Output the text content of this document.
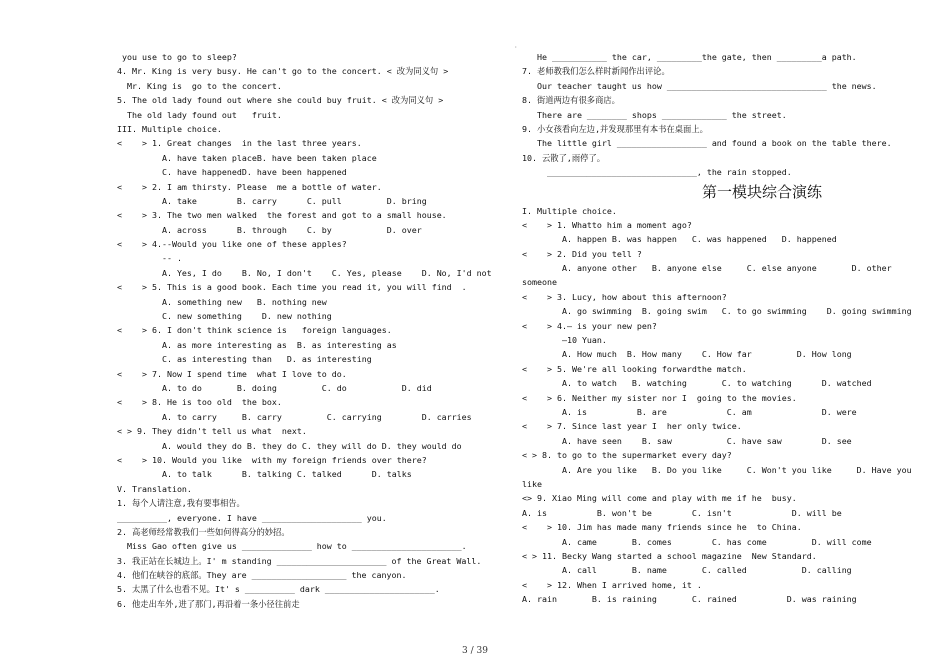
·
you use to go to sleep?
4. Mr. King is very busy. He can't go to the concert. < 改为同义句 >
Mr. King is  go to the concert.
5. The old lady found out where she could buy fruit. < 改为同义句 >
The old lady found out   fruit.
III. Multiple choice.
<    > 1. Great changes  in the last three years.
A. have taken placeB. have been taken place
C. have happenedD. have been happened
<    > 2. I am thirsty. Please  me a bottle of water.
A. take        B. carry      C. pull         D. bring
<    > 3. The two men walked  the forest and got to a small house.
A. across      B. through    C. by           D. over
<    > 4.--Would you like one of these apples?
-- .
A. Yes, I do    B. No, I don't    C. Yes, please    D. No, I'd not
<    > 5. This is a good book. Each time you read it, you will find  .
A. something new   B. nothing new
C. new something    D. new nothing
<    > 6. I don't think science is   foreign languages.
A. as more interesting as  B. as interesting as
C. as interesting than   D. as interesting
<    > 7. Now I spend time  what I love to do.
A. to do       B. doing         C. do           D. did
<    > 8. He is too old  the box.
A. to carry     B. carry         C. carrying        D. carries
< > 9. They didn't tell us what  next.
A. would they do B. they do C. they will do D. they would do
<    > 10. Would you like  with my foreign friends over there?
A. to talk      B. talking C. talked      D. talks
V. Translation.
1. 每个人请注意,我有要事相告。
__________, everyone. I have ____________________ you.
2. 高老师经常教我们一些如何得高分的妙招。
Miss Gao often give us ______________ how to ______________________.
3. 我正站在长城边上。I' m standing ______________________ of the Great Wall.
4. 他们在峡谷的底部。They are ___________________ the canyon.
5. 太黑了什么也看不见。It' s __________ dark ______________________.
6. 他走出车外,进了那门,再沿着一条小径往前走
He ___________ the car, _________the gate, then _________a path.
7. 老师教我们怎么样时新闻作出评论。
Our teacher taught us how ________________________________ the news.
8. 街道两边有很多商店。
There are ________ shops _____________ the street.
9. 小女孩看向左边,并发现那里有本书在桌面上。
The little girl __________________ and found a book on the table there.
10. 云散了,雨停了。
______________________________, the rain stopped.
第一模块综合演练
I. Multiple choice.
<    > 1. Whatto him a moment ago?
A. happen B. was happen   C. was happened   D. happened
<    > 2. Did you tell ?
A. anyone other   B. anyone else     C. else anyone       D. other
someone
<    > 3. Lucy, how about this afternoon?
A. go swimming  B. going swim   C. to go swimming    D. going swimming
<    > 4.— is your new pen?
—10 Yuan.
A. How much  B. How many    C. How far         D. How long
<    > 5. We're all looking forwardthe match.
A. to watch   B. watching       C. to watching      D. watched
<    > 6. Neither my sister nor I  going to the movies.
A. is          B. are            C. am              D. were
<    > 7. Since last year I  her only twice.
A. have seen    B. saw           C. have saw        D. see
< > 8. to go to the supermarket every day?
A. Are you like   B. Do you like     C. Won't you like     D. Have you
like
<> 9. Xiao Ming will come and play with me if he  busy.
A. is          B. won't be        C. isn't            D. will be
<    > 10. Jim has made many friends since he  to China.
A. came       B. comes        C. has come         D. will come
< > 11. Becky Wang started a school magazine  New Standard.
A. call       B. name       C. called           D. calling
<    > 12. When I arrived home, it .
A. rain       B. is raining       C. rained          D. was raining
3 / 39
